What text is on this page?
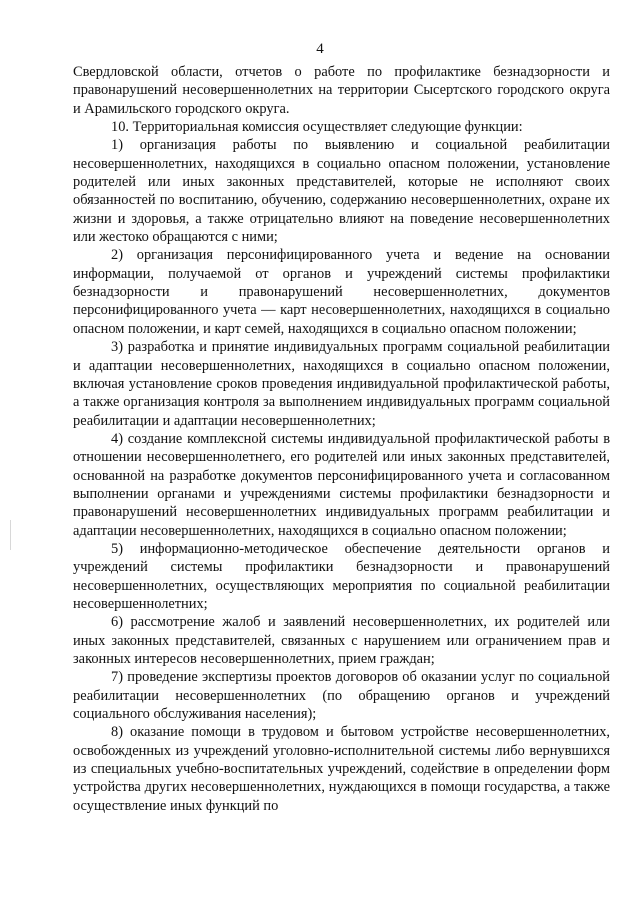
4

Свердловской области, отчетов о работе по профилактике безнадзорности и правонарушений несовершеннолетних на территории Сысертского городского округа и Арамильского городского округа.

10. Территориальная комиссия осуществляет следующие функции:

1) организация работы по выявлению и социальной реабилитации несовершеннолетних, находящихся в социально опасном положении, установление родителей или иных законных представителей, которые не исполняют своих обязанностей по воспитанию, обучению, содержанию несовершеннолетних, охране их жизни и здоровья, а также отрицательно влияют на поведение несовершеннолетних или жестоко обращаются с ними;

2) организация персонифицированного учета и ведение на основании информации, получаемой от органов и учреждений системы профилактики безнадзорности и правонарушений несовершеннолетних, документов персонифицированного учета — карт несовершеннолетних, находящихся в социально опасном положении, и карт семей, находящихся в социально опасном положении;

3) разработка и принятие индивидуальных программ социальной реабилитации и адаптации несовершеннолетних, находящихся в социально опасном положении, включая установление сроков проведения индивидуальной профилактической работы, а также организация контроля за выполнением индивидуальных программ социальной реабилитации и адаптации несовершеннолетних;

4) создание комплексной системы индивидуальной профилактической работы в отношении несовершеннолетнего, его родителей или иных законных представителей, основанной на разработке документов персонифицированного учета и согласованном выполнении органами и учреждениями системы профилактики безнадзорности и правонарушений несовершеннолетних индивидуальных программ реабилитации и адаптации несовершеннолетних, находящихся в социально опасном положении;

5) информационно-методическое обеспечение деятельности органов и учреждений системы профилактики безнадзорности и правонарушений несовершеннолетних, осуществляющих мероприятия по социальной реабилитации несовершеннолетних;

6) рассмотрение жалоб и заявлений несовершеннолетних, их родителей или иных законных представителей, связанных с нарушением или ограничением прав и законных интересов несовершеннолетних, прием граждан;

7) проведение экспертизы проектов договоров об оказании услуг по социальной реабилитации несовершеннолетних (по обращению органов и учреждений социального обслуживания населения);

8) оказание помощи в трудовом и бытовом устройстве несовершеннолетних, освобожденных из учреждений уголовно-исполнительной системы либо вернувшихся из специальных учебно-воспитательных учреждений, содействие в определении форм устройства других несовершеннолетних, нуждающихся в помощи государства, а также осуществление иных функций по
